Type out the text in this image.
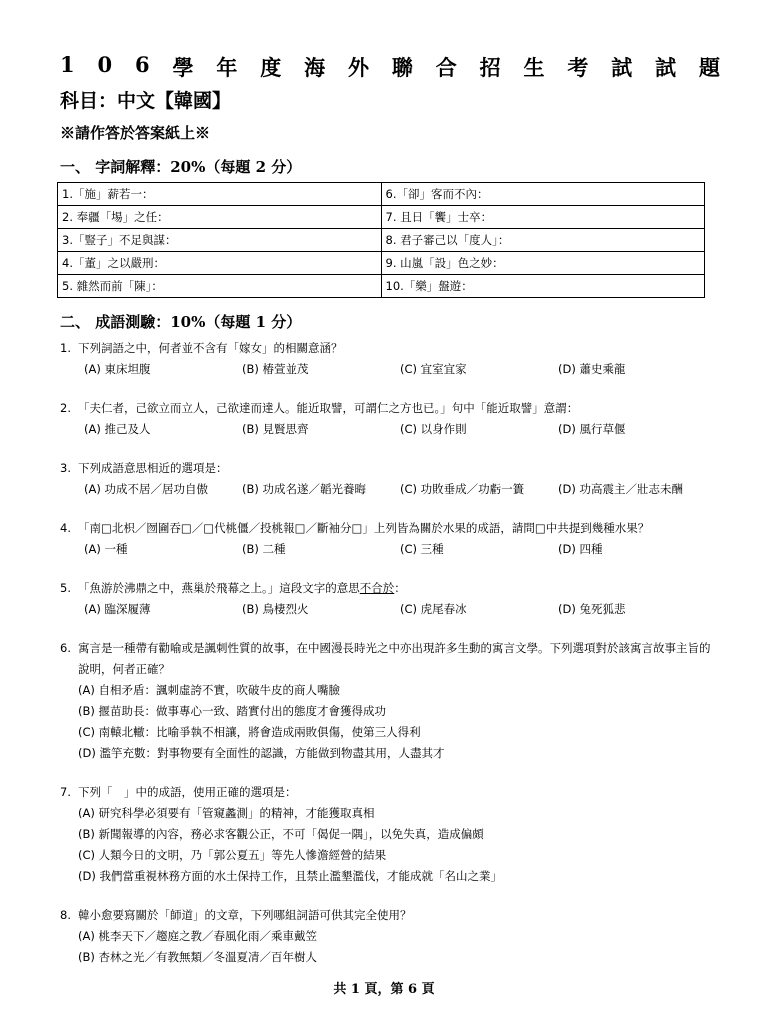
1 0 6 學 年 度 海 外 聯 合 招 生 考 試 試 題
科目：中文【韓國】
※請作答於答案紙上※
一、 字詞解釋：20%（每題 2 分）
1.「施」薪若一：	6.「卻」客而不內：
2. 奉疆「埸」之任：	7. 且日「饗」士卒：
3.「豎子」不足與謀：	8. 君子審己以「度人」：
4.「董」之以嚴刑：	9. 山嵐「設」色之妙：
5. 雜然而前「陳」：	10.「樂」盤遊：
二、 成語測驗：10%（每題 1 分）
1. 下列詞語之中，何者並不含有「嫁女」的相關意涵？
(A) 東床坦腹	(B) 椿萱並茂	(C) 宜室宜家	(D) 蕭史乘龍
2. 「夫仁者，己欲立而立人，己欲達而達人。能近取譬，可謂仁之方也已。」句中「能近取譬」意謂：
(A) 推己及人	(B) 見賢思齊	(C) 以身作則	(D) 風行草偃
3. 下列成語意思相近的選項是：
(A) 功成不居／居功自傲	(B) 功成名遂／韜光養晦	(C) 功敗垂成／功虧一簣	(D) 功高震主／壯志未酬
4. 「南□北枳／囫圇吞□／□代桃僵／投桃報□／斷袖分□」上列皆為關於水果的成語，請問□中共提到幾種水果？
(A) 一種	(B) 二種	(C) 三種	(D) 四種
5. 「魚游於沸鼎之中，燕巢於飛幕之上。」這段文字的意思不合於：
(A) 臨深履薄	(B) 鳥棲烈火	(C) 虎尾春冰	(D) 兔死狐悲
6. 寓言是一種帶有勸喻或是諷刺性質的故事，在中國漫長時光之中亦出現許多生動的寓言文學。下列選項對於該寓言故事主旨的說明，何者正確？
(A) 自相矛盾：諷刺虛誇不實，吹破牛皮的商人嘴臉
(B) 揠苗助長：做事專心一致、踏實付出的態度才會獲得成功
(C) 南轅北轍：比喻爭執不相讓，將會造成兩敗俱傷，使第三人得利
(D) 濫竽充數：對事物要有全面性的認識，方能做到物盡其用，人盡其才
7. 下列「　」中的成語，使用正確的選項是：
(A) 研究科學必須要有「管窺蠡測」的精神，才能獲取真相
(B) 新聞報導的內容，務必求客觀公正，不可「偈促一隅」，以免失真，造成偏頗
(C) 人類今日的文明，乃「郭公夏五」等先人慘澹經營的結果
(D) 我們當重視林務方面的水土保持工作，且禁止濫墾濫伐，才能成就「名山之業」
8. 韓小愈要寫關於「師道」的文章，下列哪組詞語可供其完全使用？
(A) 桃李天下／趨庭之教／春風化雨／乘車戴笠
(B) 杏林之光／有教無類／冬溫夏凊／百年樹人
共 1 頁，第 6 頁
